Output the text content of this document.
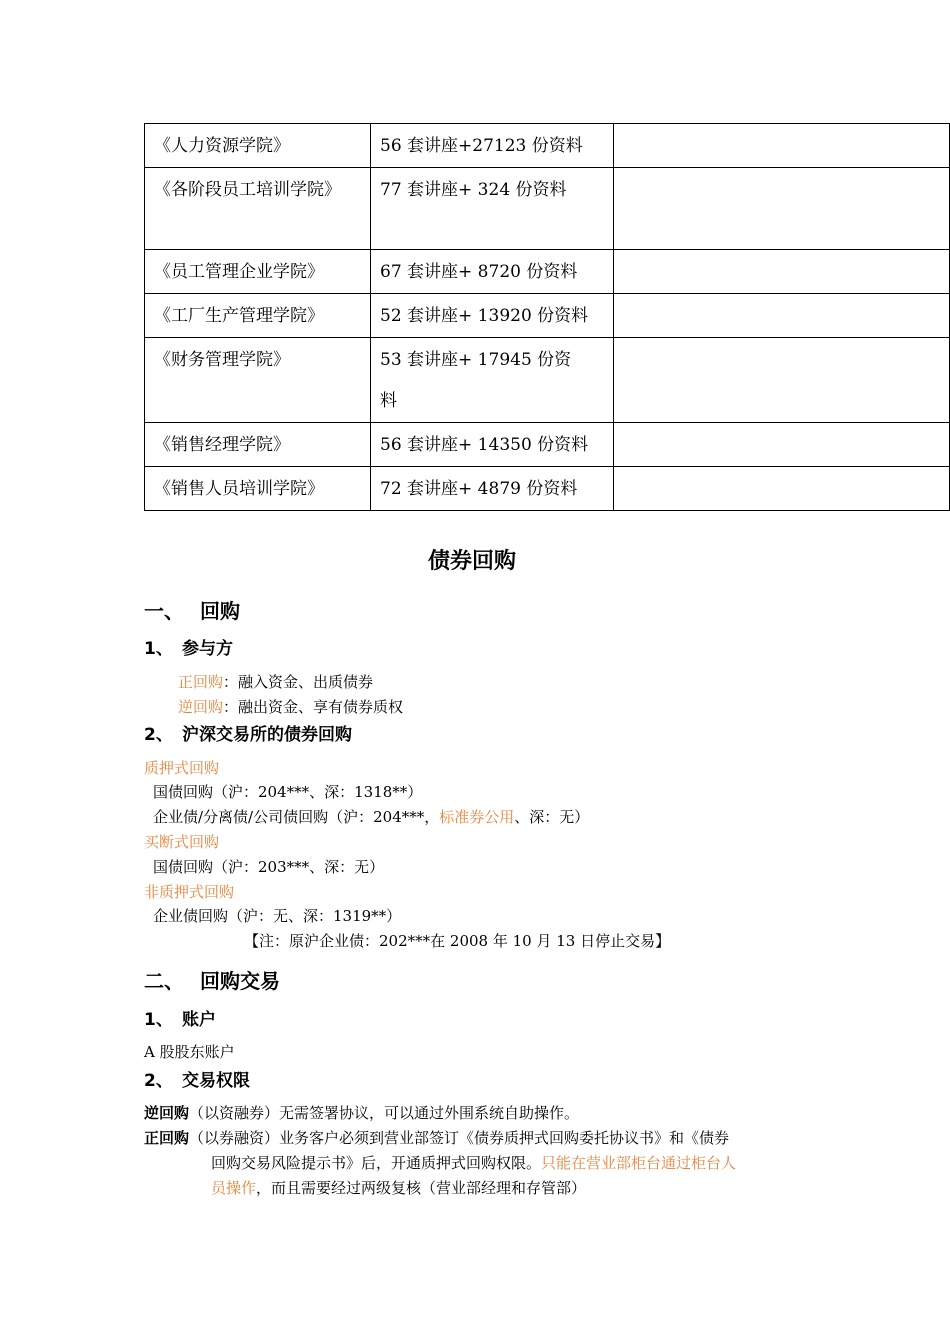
《人力资源学院》	56 套讲座+27123 份资料	
《各阶段员工培训学院》	77 套讲座+ 324 份资料	
《员工管理企业学院》	67 套讲座+ 8720 份资料	
《工厂生产管理学院》	52 套讲座+ 13920 份资料	
《财务管理学院》	53 套讲座+ 17945 份资料	
《销售经理学院》	56 套讲座+ 14350 份资料	
《销售人员培训学院》	72 套讲座+ 4879 份资料	
债券回购
一、 回购
1、 参与方
正回购：融入资金、出质债券
逆回购：融出资金、享有债券质权
2、 沪深交易所的债券回购
质押式回购
国债回购（沪：204***、深：1318**）
企业债/分离债/公司债回购（沪：204***，标准券公用、深：无）
买断式回购
国债回购（沪：203***、深：无）
非质押式回购
企业债回购（沪：无、深：1319**）
【注：原沪企业债：202***在 2008 年 10 月 13 日停止交易】
二、 回购交易
1、 账户
A 股股东账户
2、 交易权限
逆回购（以资融券）无需签署协议，可以通过外围系统自助操作。
正回购（以券融资）业务客户必须到营业部签订《债券质押式回购委托协议书》和《债券
回购交易风险提示书》后，开通质押式回购权限。只能在营业部柜台通过柜台人
员操作，而且需要经过两级复核（营业部经理和存管部）
